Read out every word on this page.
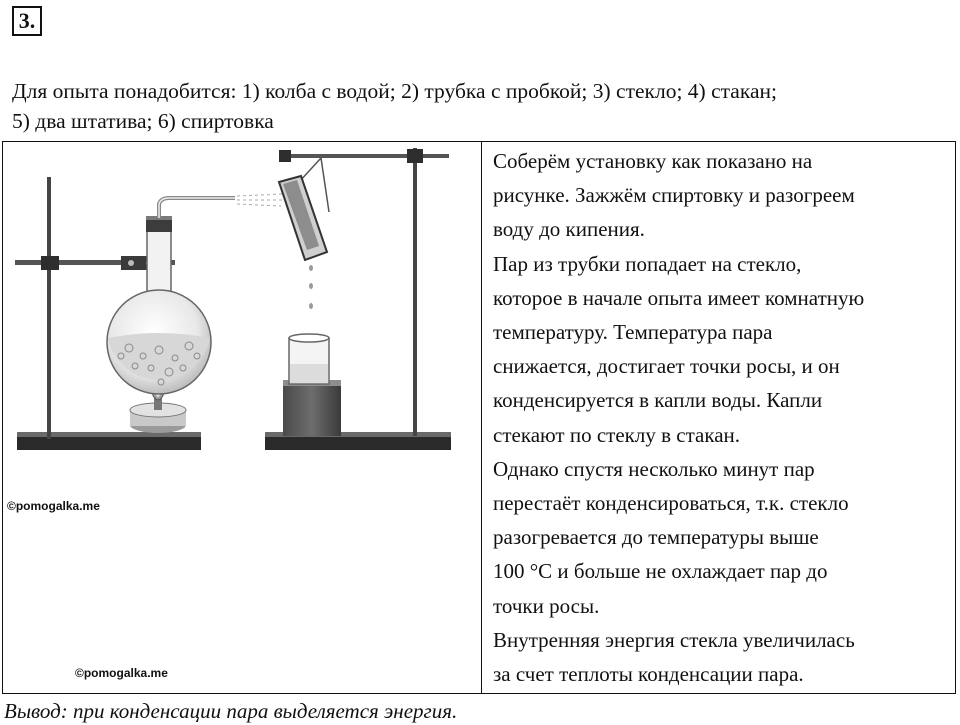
3.
Для опыта понадобится: 1) колба с водой; 2) трубка с пробкой; 3) стекло; 4) стакан;
5) два штатива; 6) спиртовка
©pomogalka.me
©pomogalka.me

Соберём установку как показано на

рисунке. Зажжём спиртовку и разогреем

воду до кипения.

Пар из трубки попадает на стекло,

которое в начале опыта имеет комнатную

температуру. Температура пара

снижается, достигает точки росы, и он

конденсируется в капли воды. Капли

стекают по стеклу в стакан.

Однако спустя несколько минут пар

перестаёт конденсироваться, т.к. стекло

разогревается до температуры выше

100 °C и больше не охлаждает пар до

точки росы.

Внутренняя энергия стекла увеличилась

за счет теплоты конденсации пара.

Вывод: при конденсации пара выделяется энергия.
